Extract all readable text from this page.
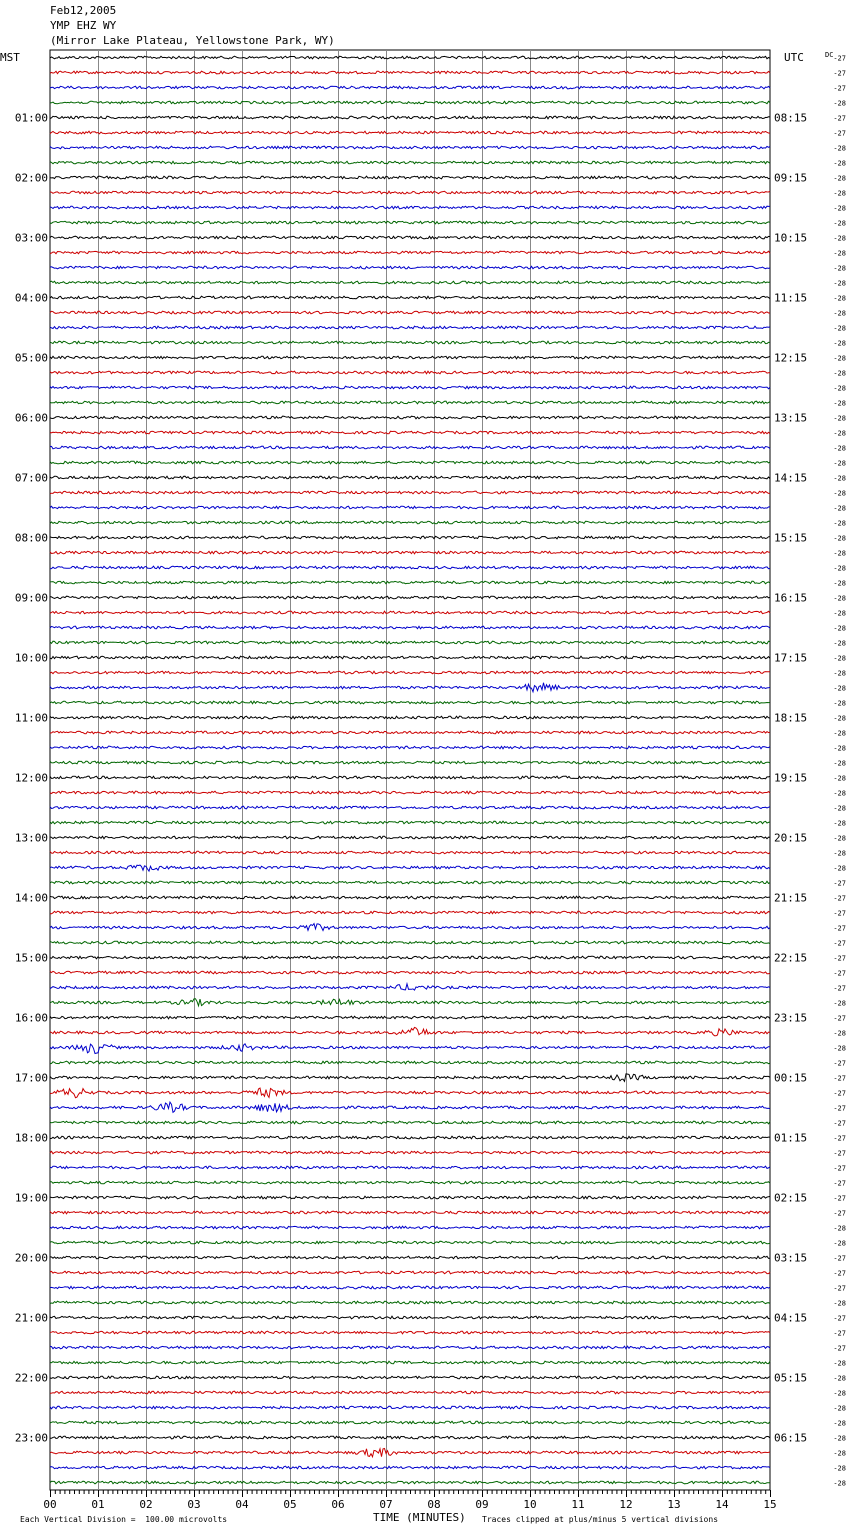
Feb12,2005
YMP EHZ WY
(Mirror Lake Plateau, Yellowstone Park, WY)
MST	UTC	DC
01:00	08:15
02:00	09:15
03:00	10:15
04:00	11:15
05:00	12:15
06:00	13:15
07:00	14:15
08:00	15:15
09:00	16:15
10:00	17:15
11:00	18:15
12:00	19:15
13:00	20:15
14:00	21:15
15:00	22:15
16:00	23:15
17:00	00:15
18:00	01:15
19:00	02:15
20:00	03:15
21:00	04:15
22:00	05:15
23:00	06:15
-27
-27
-27
-28
-27
-27
-28
-28
-28
-28
-28
-28
-28
-28
-28
-28
-28
-28
-28
-28
-28
-28
-28
-28
-28
-28
-28
-28
-28
-28
-28
-28
-28
-28
-28
-28
-28
-28
-28
-28
-28
-28
-28
-28
-28
-28
-28
-28
-28
-28
-28
-28
-28
-28
-28
-27
-27
-27
-27
-27
-27
-27
-27
-28
-27
-28
-28
-27
-27
-27
-27
-27
-27
-27
-27
-27
-27
-27
-28
-28
-27
-27
-27
-28
-27
-27
-27
-28
-28
-28
-28
-28
-28
-28
-28
-28
00	01	02	03	04	05	06	07	08	09	10	11	12	13	14	15
Each Vertical Division =  100.00 microvolts	TIME (MINUTES) Traces clipped at plus/minus 5 vertical divisions
